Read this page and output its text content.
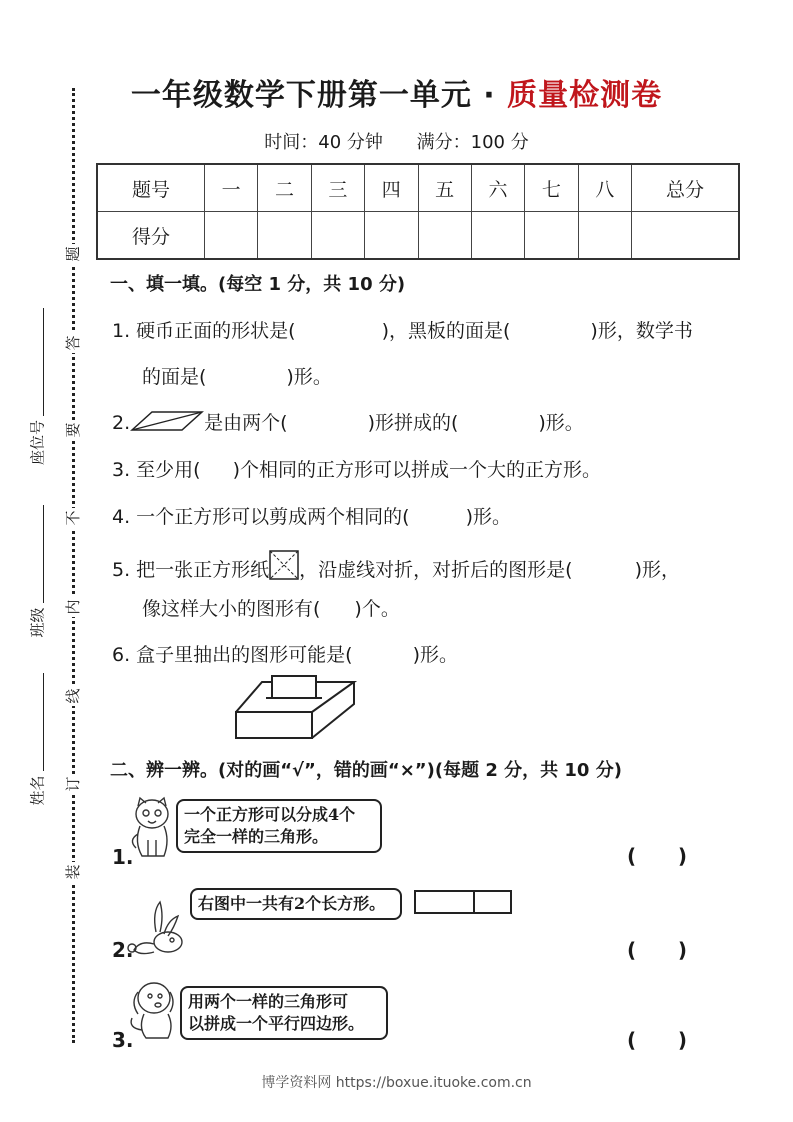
一年级数学下册第一单元 · 质量检测卷
时间：40 分钟 满分：100 分
题号	一	二	三	四	五	六	七	八	总分
得分									
题
答
要
不
内
线
订
装
座位号
班级
姓名
一、填一填。(每空 1 分，共 10 分)
1. 硬币正面的形状是(	)，黑板的面是(	)形，数学书
的面是(	)形。
2.	是由两个(	)形拼成的(	)形。
3. 至少用( )个相同的正方形可以拼成一个大的正方形。
4. 一个正方形可以剪成两个相同的(	)形。
5. 把一张正方形纸 ，沿虚线对折，对折后的图形是(	)形，
像这样大小的图形有( )个。
6. 盒子里抽出的图形可能是(	)形。
二、辨一辨。(对的画“√”，错的画“×”)(每题 2 分，共 10 分)
1.
一个正方形可以分成4个
完全一样的三角形。
( )
2.
右图中一共有2个长方形。
( )
3.
用两个一样的三角形可
以拼成一个平行四边形。
( )
博学资料网 https://boxue.ituoke.com.cn
